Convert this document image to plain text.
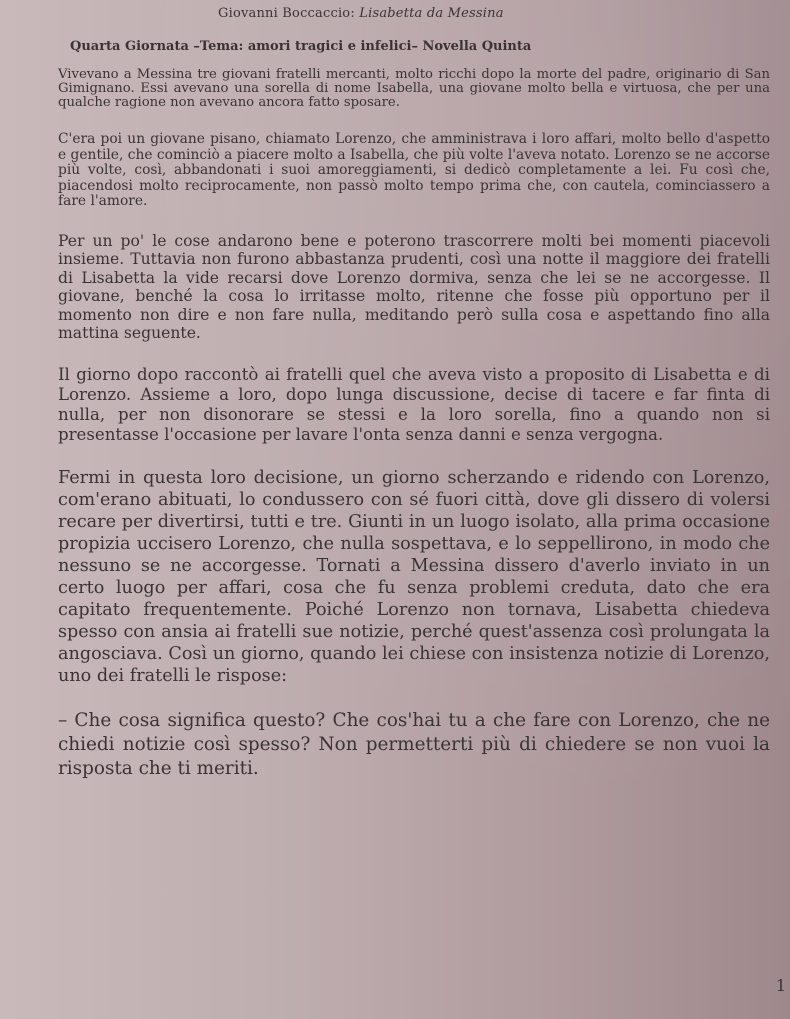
Giovanni Boccaccio: Lisabetta da Messina
Quarta Giornata –Tema: amori tragici e infelici– Novella Quinta

Vivevano a Messina tre giovani fratelli mercanti, molto ricchi dopo la morte del padre, originario di San Gimignano. Essi avevano una sorella di nome Isabella, una giovane molto bella e virtuosa, che per una qualche ragione non avevano ancora fatto sposare.

C'era poi un giovane pisano, chiamato Lorenzo, che amministrava i loro affari, molto bello d'aspetto e gentile, che cominciò a piacere molto a Isabella, che più volte l'aveva notato. Lorenzo se ne accorse più volte, così, abbandonati i suoi amoreggiamenti, si dedicò completamente a lei. Fu così che, piacendosi molto reciprocamente, non passò molto tempo prima che, con cautela, cominciassero a fare l'amore.

Per un po' le cose andarono bene e poterono trascorrere molti bei momenti piacevoli insieme. Tuttavia non furono abbastanza prudenti, così una notte il maggiore dei fratelli di Lisabetta la vide recarsi dove Lorenzo dormiva, senza che lei se ne accorgesse. Il giovane, benché la cosa lo irritasse molto, ritenne che fosse più opportuno per il momento non dire e non fare nulla, meditando però sulla cosa e aspettando fino alla mattina seguente.

Il giorno dopo raccontò ai fratelli quel che aveva visto a proposito di Lisabetta e di Lorenzo. Assieme a loro, dopo lunga discussione, decise di tacere e far finta di nulla, per non disonorare se stessi e la loro sorella, fino a quando non si presentasse l'occasione per lavare l'onta senza danni e senza vergogna.

Fermi in questa loro decisione, un giorno scherzando e ridendo con Lorenzo, com'erano abituati, lo condussero con sé fuori città, dove gli dissero di volersi recare per divertirsi, tutti e tre. Giunti in un luogo isolato, alla prima occasione propizia uccisero Lorenzo, che nulla sospettava, e lo seppellirono, in modo che nessuno se ne accorgesse. Tornati a Messina dissero d'averlo inviato in un certo luogo per affari, cosa che fu senza problemi creduta, dato che era capitato frequentemente. Poiché Lorenzo non tornava, Lisabetta chiedeva spesso con ansia ai fratelli sue notizie, perché quest'assenza così prolungata la angosciava. Così un giorno, quando lei chiese con insistenza notizie di Lorenzo, uno dei fratelli le rispose:

– Che cosa significa questo? Che cos'hai tu a che fare con Lorenzo, che ne chiedi notizie così spesso? Non permetterti più di chiedere se non vuoi la risposta che ti meriti.

1
